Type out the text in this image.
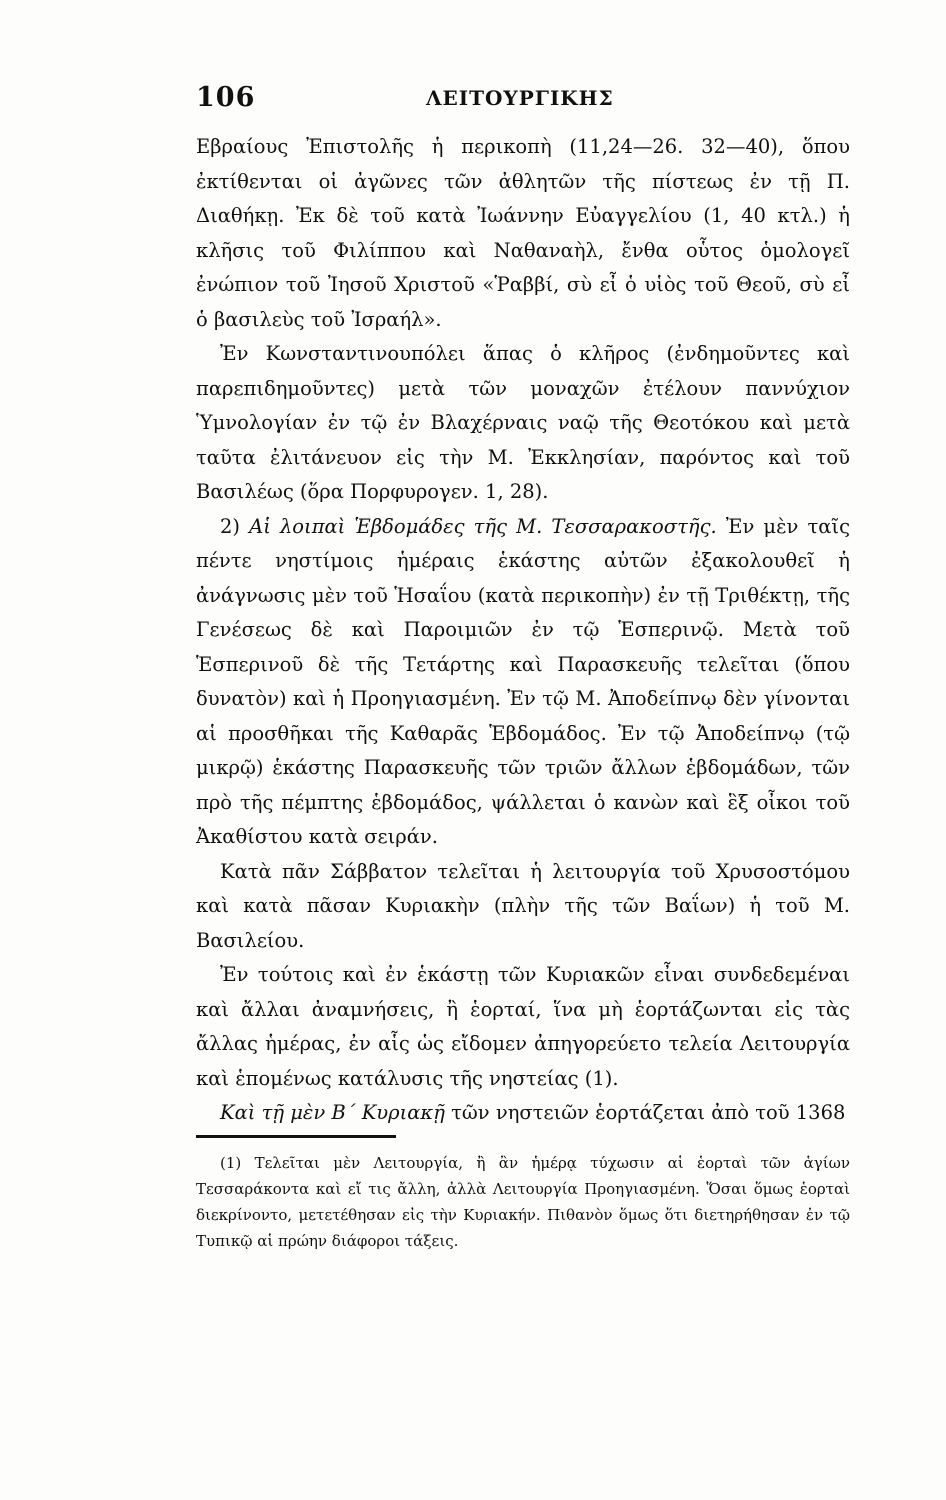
106	ΛΕΙΤΟΥΡΓΙΚΗΣ

Εβραίους Ἐπιστολῆς ἡ περικοπὴ (11,24—26. 32—40), ὅπου ἐκτίθενται οἱ ἀγῶνες τῶν ἀθλητῶν τῆς πίστεως ἐν τῇ Π. Διαθήκῃ. Ἐκ δὲ τοῦ κατὰ Ἰωάννην Εὐαγγελίου (1, 40 κτλ.) ἡ κλῆσις τοῦ Φιλίππου καὶ Ναθαναὴλ, ἔνθα οὗτος ὁμολογεῖ ἐνώπιον τοῦ Ἰησοῦ Χριστοῦ «Ῥαββί, σὺ εἶ ὁ υἱὸς τοῦ Θεοῦ, σὺ εἶ ὁ βασιλεὺς τοῦ Ἰσραήλ».

Ἐν Κωνσταντινουπόλει ἅπας ὁ κλῆρος (ἐνδημοῦντες καὶ παρεπιδημοῦντες) μετὰ τῶν μοναχῶν ἐτέλουν παννύχιον Ὑμνολογίαν ἐν τῷ ἐν Βλαχέρναις ναῷ τῆς Θεοτόκου καὶ μετὰ ταῦτα ἐλιτάνευον εἰς τὴν Μ. Ἐκκλησίαν, παρόντος καὶ τοῦ Βασιλέως (ὅρα Πορφυρογεν. 1, 28).

2) Αἱ λοιπαὶ Ἑβδομάδες τῆς Μ. Τεσσαρακοστῆς. Ἐν μὲν ταῖς πέντε νηστίμοις ἡμέραις ἑκάστης αὐτῶν ἐξακολουθεῖ ἡ ἀνάγνωσις μὲν τοῦ Ἡσαΐου (κατὰ περικοπὴν) ἐν τῇ Τριθέκτῃ, τῆς Γενέσεως δὲ καὶ Παροιμιῶν ἐν τῷ Ἑσπερινῷ. Μετὰ τοῦ Ἑσπερινοῦ δὲ τῆς Τετάρτης καὶ Παρασκευῆς τελεῖται (ὅπου δυνατὸν) καὶ ἡ Προηγιασμένη. Ἐν τῷ Μ. Ἀποδείπνῳ δὲν γίνονται αἱ προσθῆκαι τῆς Καθαρᾶς Ἑβδομάδος. Ἐν τῷ Ἀποδείπνῳ (τῷ μικρῷ) ἑκάστης Παρασκευῆς τῶν τριῶν ἄλλων ἑβδομάδων, τῶν πρὸ τῆς πέμπτης ἑβδομάδος, ψάλλεται ὁ κανὼν καὶ ἓξ οἶκοι τοῦ Ἀκαθίστου κατὰ σειράν.

Κατὰ πᾶν Σάββατον τελεῖται ἡ λειτουργία τοῦ Χρυσοστόμου καὶ κατὰ πᾶσαν Κυριακὴν (πλὴν τῆς τῶν Βαΐων) ἡ τοῦ Μ. Βασιλείου.

Ἐν τούτοις καὶ ἐν ἑκάστῃ τῶν Κυριακῶν εἶναι συνδεδεμέναι καὶ ἄλλαι ἀναμνήσεις, ἢ ἑορταί, ἵνα μὴ ἑορτάζωνται εἰς τὰς ἄλλας ἡμέρας, ἐν αἷς ὡς εἴδομεν ἀπηγορεύετο τελεία Λειτουργία καὶ ἑπομένως κατάλυσις τῆς νηστείας (1).

Καὶ τῇ μὲν Β΄ Κυριακῇ τῶν νηστειῶν ἑορτάζεται ἀπὸ τοῦ 1368

(1) Τελεῖται μὲν Λειτουργία, ἢ ἂν ἡμέρᾳ τύχωσιν αἱ ἑορταὶ τῶν ἁγίων Τεσσαράκοντα καὶ εἴ τις ἄλλη, ἀλλὰ Λειτουργία Προηγιασμένη. Ὅσαι ὅμως ἑορταὶ διεκρίνοντο, μετετέθησαν εἰς τὴν Κυριακήν. Πιθανὸν ὅμως ὅτι διετηρήθησαν ἐν τῷ Τυπικῷ αἱ πρώην διάφοροι τάξεις.
